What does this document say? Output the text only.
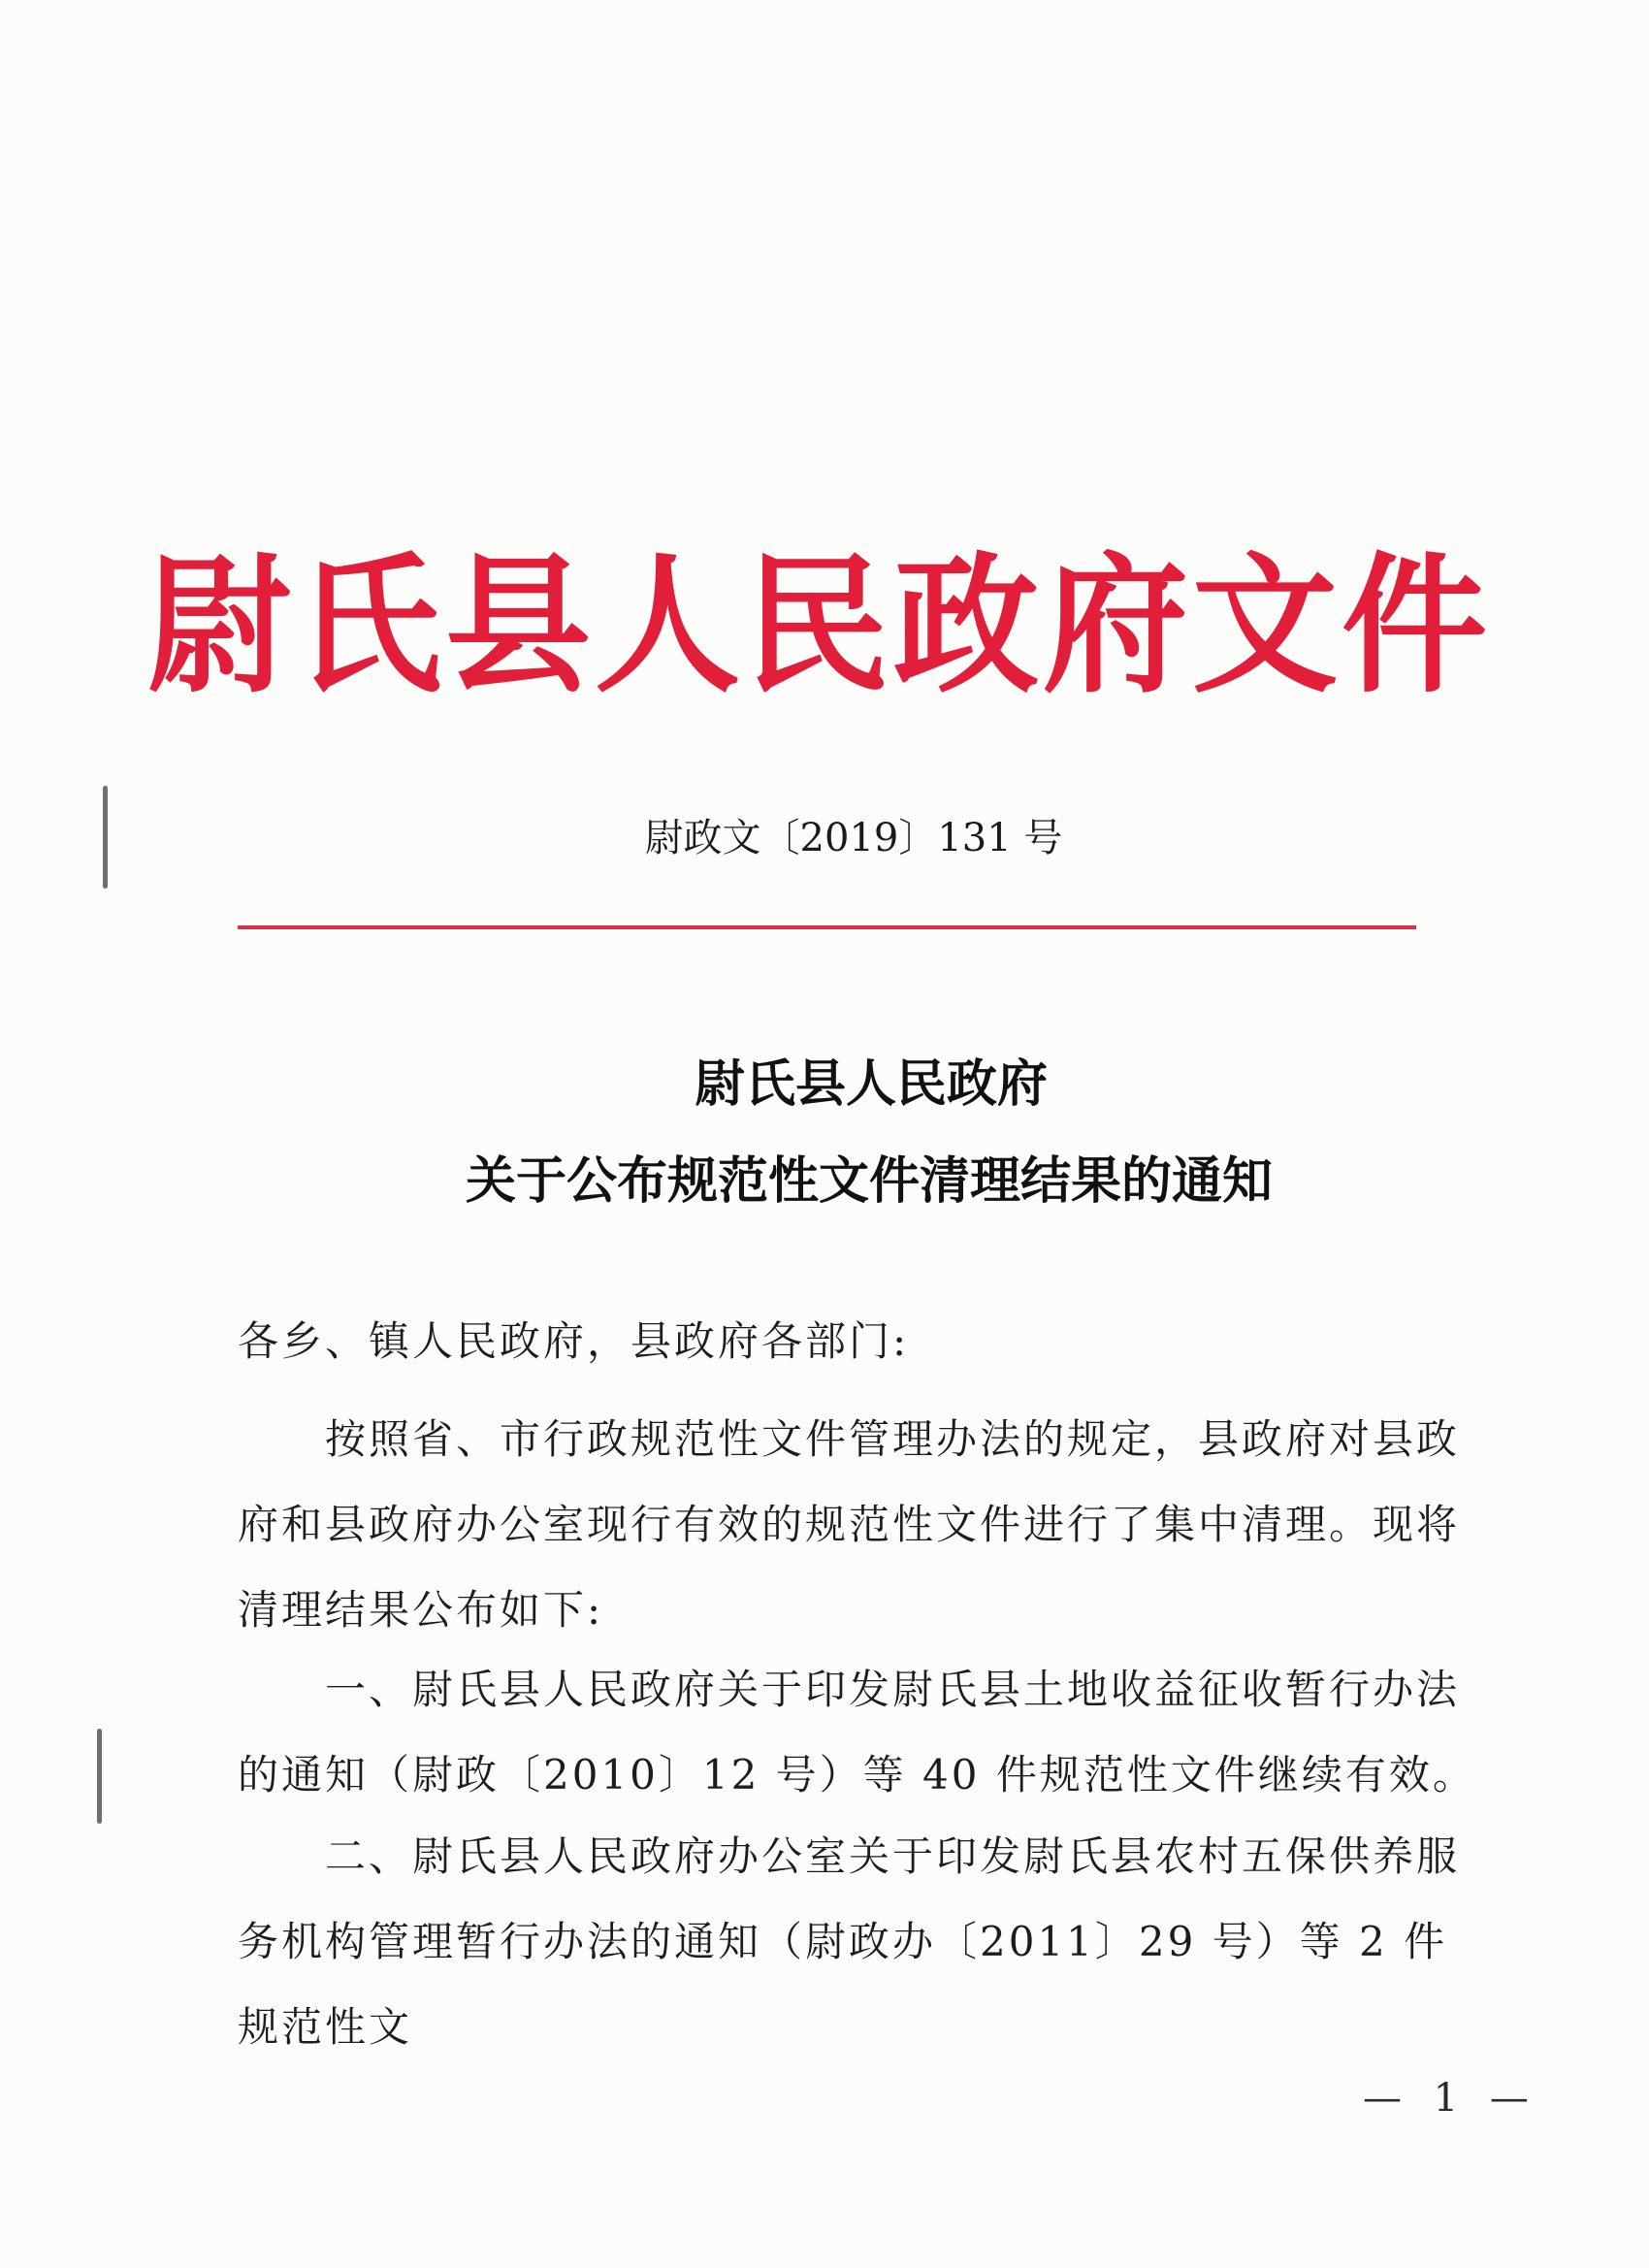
尉氏县人民政府文件
尉政文〔2019〕131 号
尉氏县人民政府
关于公布规范性文件清理结果的通知
各乡、镇人民政府，县政府各部门:
按照省、市行政规范性文件管理办法的规定，县政府对县政府和县政府办公室现行有效的规范性文件进行了集中清理。现将清理结果公布如下:
一、尉氏县人民政府关于印发尉氏县土地收益征收暂行办法的通知（尉政〔2010〕12 号）等 40 件规范性文件继续有效。
二、尉氏县人民政府办公室关于印发尉氏县农村五保供养服务机构管理暂行办法的通知（尉政办〔2011〕29 号）等 2 件规范性文
— 1 —
